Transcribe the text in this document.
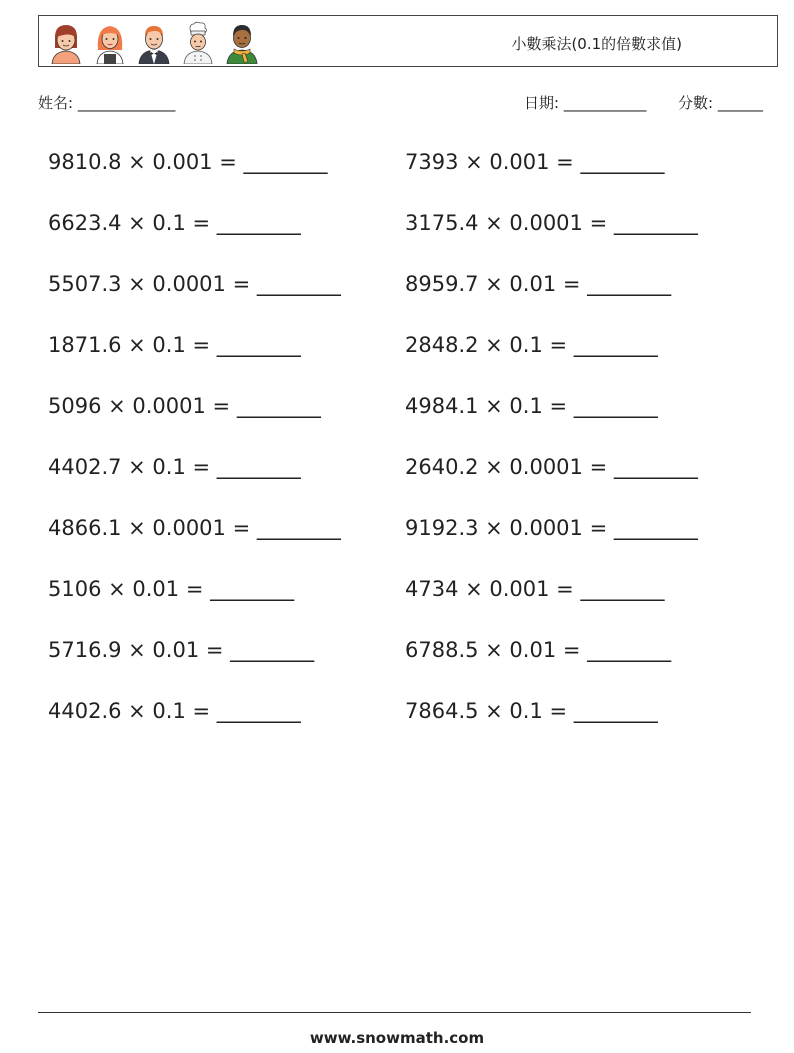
小數乘法(0.1的倍數求值)
姓名: _____________	日期: ___________ 分數: ______
9810.8 × 0.001 = ________	7393 × 0.001 = ________
6623.4 × 0.1 = ________	3175.4 × 0.0001 = ________
5507.3 × 0.0001 = ________	8959.7 × 0.01 = ________
1871.6 × 0.1 = ________	2848.2 × 0.1 = ________
5096 × 0.0001 = ________	4984.1 × 0.1 = ________
4402.7 × 0.1 = ________	2640.2 × 0.0001 = ________
4866.1 × 0.0001 = ________	9192.3 × 0.0001 = ________
5106 × 0.01 = ________	4734 × 0.001 = ________
5716.9 × 0.01 = ________	6788.5 × 0.01 = ________
4402.6 × 0.1 = ________	7864.5 × 0.1 = ________
www.snowmath.com
